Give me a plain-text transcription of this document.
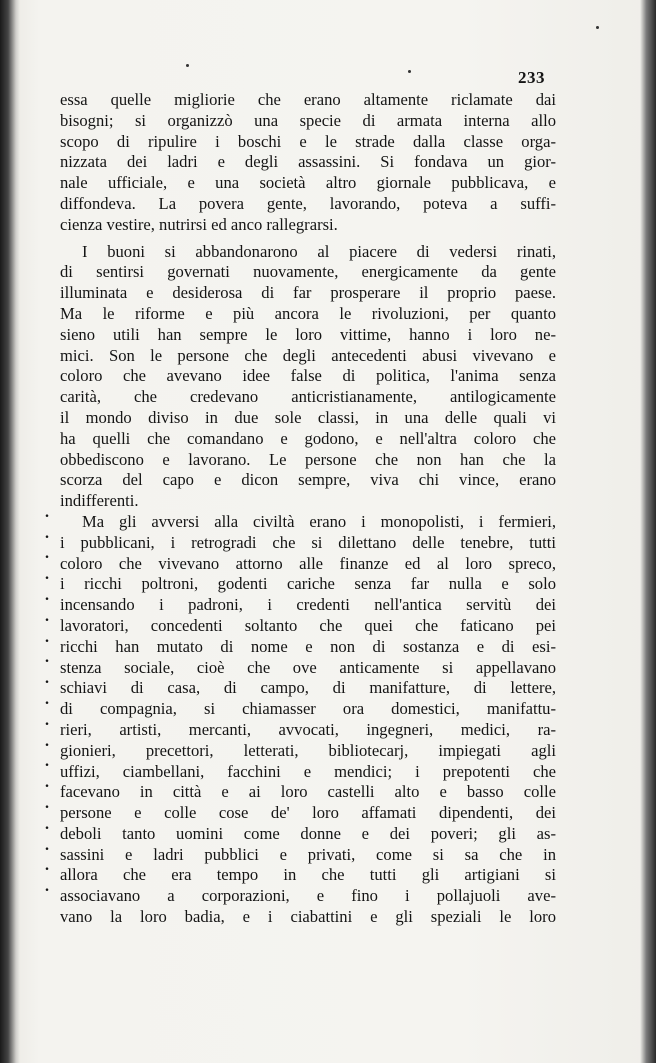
233
essa quelle migliorie che erano altamente riclamate dai
bisogni; si organizzò una specie di armata interna allo
scopo di ripulire i boschi e le strade dalla classe orga-
nizzata dei ladri e degli assassini. Si fondava un gior-
nale ufficiale, e una società altro giornale pubblicava, e
diffondeva. La povera gente, lavorando, poteva a suffi-
cienza vestire, nutrirsi ed anco rallegrarsi.
I buoni si abbandonarono al piacere di vedersi rinati,
di sentirsi governati nuovamente, energicamente da gente
illuminata e desiderosa di far prosperare il proprio paese.
Ma le riforme e più ancora le rivoluzioni, per quanto
sieno utili han sempre le loro vittime, hanno i loro ne-
mici. Son le persone che degli antecedenti abusi vivevano e
coloro che avevano idee false di politica, l'anima senza
carità, che credevano anticristianamente, antilogicamente
il mondo diviso in due sole classi, in una delle quali vi
ha quelli che comandano e godono, e nell'altra coloro che
obbediscono e lavorano. Le persone che non han che la
scorza del capo e dicon sempre, viva chi vince, erano
indifferenti.
Ma gli avversi alla civiltà erano i monopolisti, i fermieri,
i pubblicani, i retrogradi che si dilettano delle tenebre, tutti
coloro che vivevano attorno alle finanze ed al loro spreco,
i ricchi poltroni, godenti cariche senza far nulla e solo
incensando i padroni, i credenti nell'antica servitù dei
lavoratori, concedenti soltanto che quei che faticano pei
ricchi han mutato di nome e non di sostanza e di esi-
stenza sociale, cioè che ove anticamente si appellavano
schiavi di casa, di campo, di manifatture, di lettere,
di compagnia, si chiamasser ora domestici, manifattu-
rieri, artisti, mercanti, avvocati, ingegneri, medici, ra-
gionieri, precettori, letterati, bibliotecarj, impiegati agli
uffizi, ciambellani, facchini e mendici; i prepotenti che
facevano in città e ai loro castelli alto e basso colle
persone e colle cose de' loro affamati dipendenti, dei
deboli tanto uomini come donne e dei poveri; gli as-
sassini e ladri pubblici e privati, come si sa che in
allora che era tempo in che tutti gli artigiani si
associavano a corporazioni, e fino i pollajuoli ave-
vano la loro badia, e i ciabattini e gli speziali le loro
.
.
.
.
.
.
.
.
.
.
.
.
.
.
.
.
.
.
.
